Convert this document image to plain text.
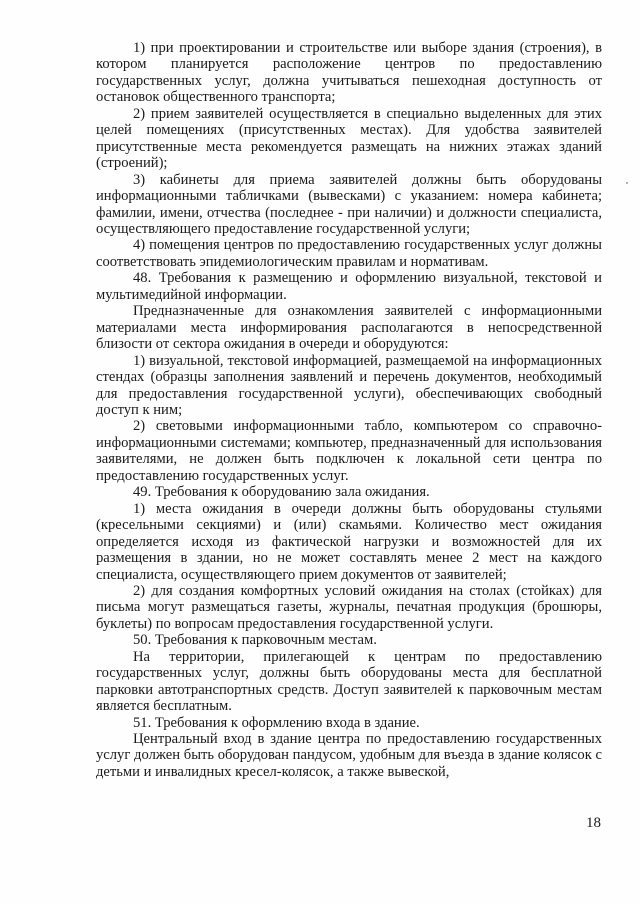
1) при проектировании и строительстве или выборе здания (строения), в котором планируется расположение центров по предоставлению государственных услуг, должна учитываться пешеходная доступность от остановок общественного транспорта;

2) прием заявителей осуществляется в специально выделенных для этих целей помещениях (присутственных местах). Для удобства заявителей присутственные места рекомендуется размещать на нижних этажах зданий (строений);

3) кабинеты для приема заявителей должны быть оборудованы информационными табличками (вывесками) с указанием: номера кабинета; фамилии, имени, отчества (последнее - при наличии) и должности специалиста, осуществляющего предоставление государственной услуги;

4) помещения центров по предоставлению государственных услуг должны соответствовать эпидемиологическим правилам и нормативам.

48. Требования к размещению и оформлению визуальной, текстовой и мультимедийной информации.

Предназначенные для ознакомления заявителей с информационными материалами места информирования располагаются в непосредственной близости от сектора ожидания в очереди и оборудуются:

1) визуальной, текстовой информацией, размещаемой на информационных стендах (образцы заполнения заявлений и перечень документов, необходимый для предоставления государственной услуги), обеспечивающих свободный доступ к ним;

2) световыми информационными табло, компьютером со справочно-информационными системами; компьютер, предназначенный для использования заявителями, не должен быть подключен к локальной сети центра по предоставлению государственных услуг.

49. Требования к оборудованию зала ожидания.

1) места ожидания в очереди должны быть оборудованы стульями (кресельными секциями) и (или) скамьями. Количество мест ожидания определяется исходя из фактической нагрузки и возможностей для их размещения в здании, но не может составлять менее 2 мест на каждого специалиста, осуществляющего прием документов от заявителей;

2) для создания комфортных условий ожидания на столах (стойках) для письма могут размещаться газеты, журналы, печатная продукция (брошюры, буклеты) по вопросам предоставления государственной услуги.

50. Требования к парковочным местам.

На территории, прилегающей к центрам по предоставлению государственных услуг, должны быть оборудованы места для бесплатной парковки автотранспортных средств. Доступ заявителей к парковочным местам является бесплатным.

51. Требования к оформлению входа в здание.

Центральный вход в здание центра по предоставлению государственных услуг должен быть оборудован пандусом, удобным для въезда в здание колясок с детьми и инвалидных кресел-колясок, а также вывеской,

18
